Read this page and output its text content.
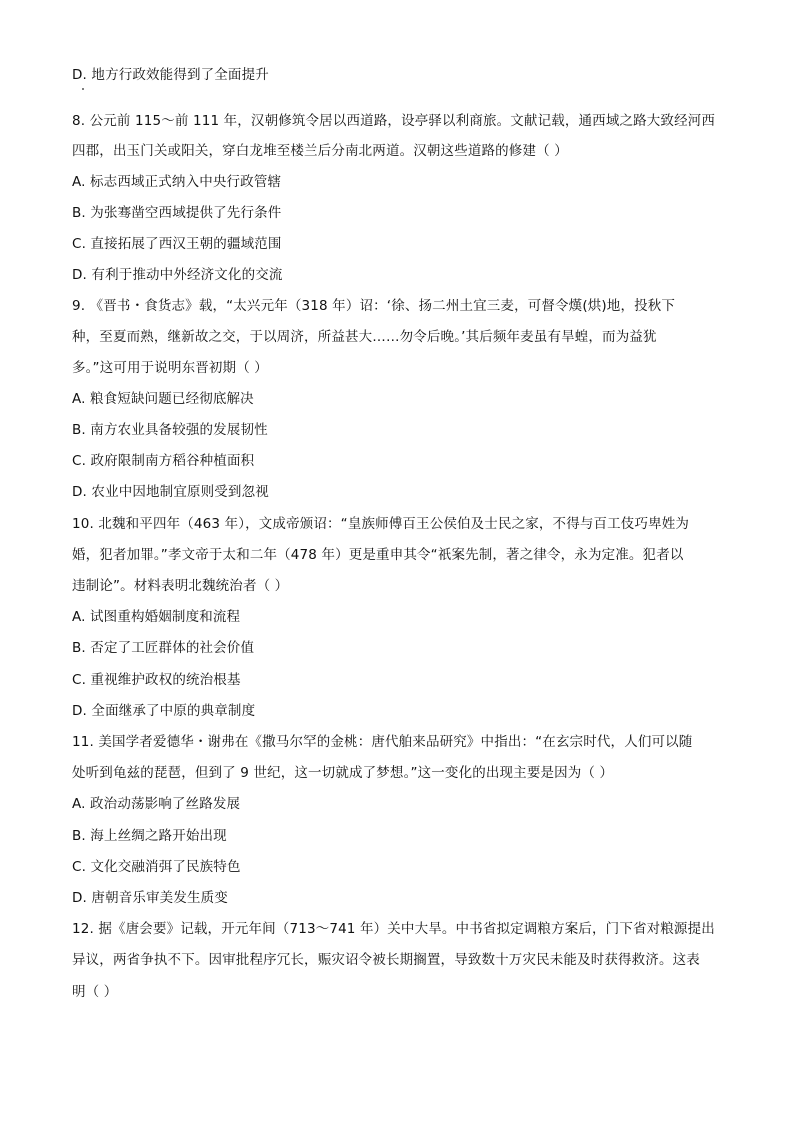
D. 地方行政效能得到了全面提升
8. 公元前 115～前 111 年，汉朝修筑令居以西道路，设亭驿以利商旅。文献记载，通西域之路大致经河西
四郡，出玉门关或阳关，穿白龙堆至楼兰后分南北两道。汉朝这些道路的修建（ ）
A. 标志西域正式纳入中央行政管辖
B. 为张骞凿空西域提供了先行条件
C. 直接拓展了西汉王朝的疆域范围
D. 有利于推动中外经济文化的交流
9. 《晋书・食货志》载，“太兴元年（318 年）诏：‘徐、扬二州土宜三麦，可督令熯(烘)地，投秋下
种，至夏而熟，继新故之交，于以周济，所益甚大……勿令后晚。’其后频年麦虽有旱蝗，而为益犹
多。”这可用于说明东晋初期（ ）
A. 粮食短缺问题已经彻底解决
B. 南方农业具备较强的发展韧性
C. 政府限制南方稻谷种植面积
D. 农业中因地制宜原则受到忽视
10. 北魏和平四年（463 年），文成帝颁诏：“皇族师傅百王公侯伯及士民之家，不得与百工伎巧卑姓为
婚，犯者加罪。”孝文帝于太和二年（478 年）更是重申其令“祇案先制，著之律令，永为定准。犯者以
违制论”。材料表明北魏统治者（ ）
A. 试图重构婚姻制度和流程
B. 否定了工匠群体的社会价值
C. 重视维护政权的统治根基
D. 全面继承了中原的典章制度
11. 美国学者爱德华・谢弗在《撒马尔罕的金桃：唐代舶来品研究》中指出：“在玄宗时代，人们可以随
处听到龟兹的琵琶，但到了 9 世纪，这一切就成了梦想。”这一变化的出现主要是因为（ ）
A. 政治动荡影响了丝路发展
B. 海上丝绸之路开始出现
C. 文化交融消弭了民族特色
D. 唐朝音乐审美发生质变
12. 据《唐会要》记载，开元年间（713～741 年）关中大旱。中书省拟定调粮方案后，门下省对粮源提出
异议，两省争执不下。因审批程序冗长，赈灾诏令被长期搁置，导致数十万灾民未能及时获得救济。这表
明（ ）
